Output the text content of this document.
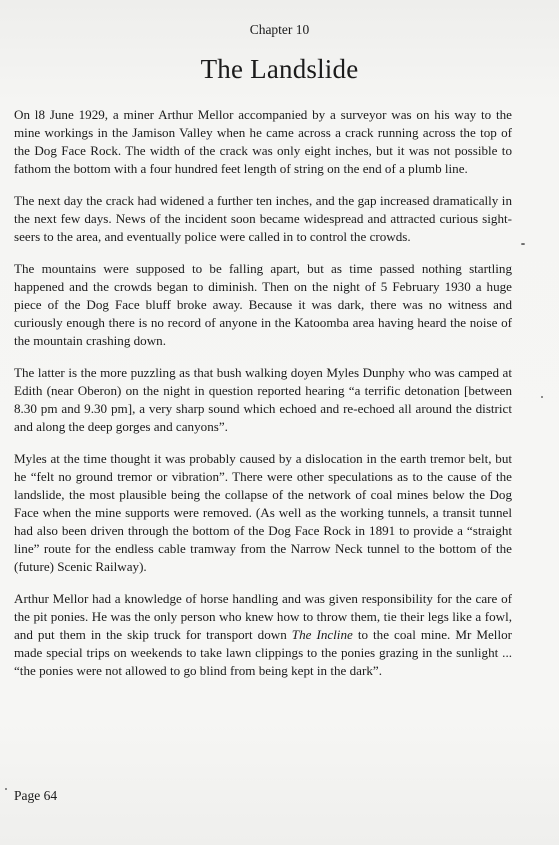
Chapter 10
The Landslide

On l8 June 1929, a miner Arthur Mellor accompanied by a surveyor was on his way to the mine workings in the Jamison Valley when he came across a crack running across the top of the Dog Face Rock. The width of the crack was only eight inches, but it was not possible to fathom the bottom with a four hundred feet length of string on the end of a plumb line.

The next day the crack had widened a further ten inches, and the gap increased dramatically in the next few days. News of the incident soon became widespread and attracted curious sight-seers to the area, and eventually police were called in to control the crowds.

The mountains were supposed to be falling apart, but as time passed nothing startling happened and the crowds began to diminish. Then on the night of 5 February 1930 a huge piece of the Dog Face bluff broke away. Because it was dark, there was no witness and curiously enough there is no record of anyone in the Katoomba area having heard the noise of the mountain crashing down.

The latter is the more puzzling as that bush walking doyen Myles Dunphy who was camped at Edith (near Oberon) on the night in question reported hearing “a terrific detonation [between 8.30 pm and 9.30 pm], a very sharp sound which echoed and re-echoed all around the district and along the deep gorges and canyons”.

Myles at the time thought it was probably caused by a dislocation in the earth tremor belt, but he “felt no ground tremor or vibration”. There were other speculations as to the cause of the landslide, the most plausible being the collapse of the network of coal mines below the Dog Face when the mine supports were removed. (As well as the working tunnels, a transit tunnel had also been driven through the bottom of the Dog Face Rock in 1891 to provide a “straight line” route for the endless cable tramway from the Narrow Neck tunnel to the bottom of the (future) Scenic Railway).

Arthur Mellor had a knowledge of horse handling and was given responsibility for the care of the pit ponies. He was the only person who knew how to throw them, tie their legs like a fowl, and put them in the skip truck for transport down The Incline to the coal mine. Mr Mellor made special trips on weekends to take lawn clippings to the ponies grazing in the sunlight ... “the ponies were not allowed to go blind from being kept in the dark”.

Page 64
